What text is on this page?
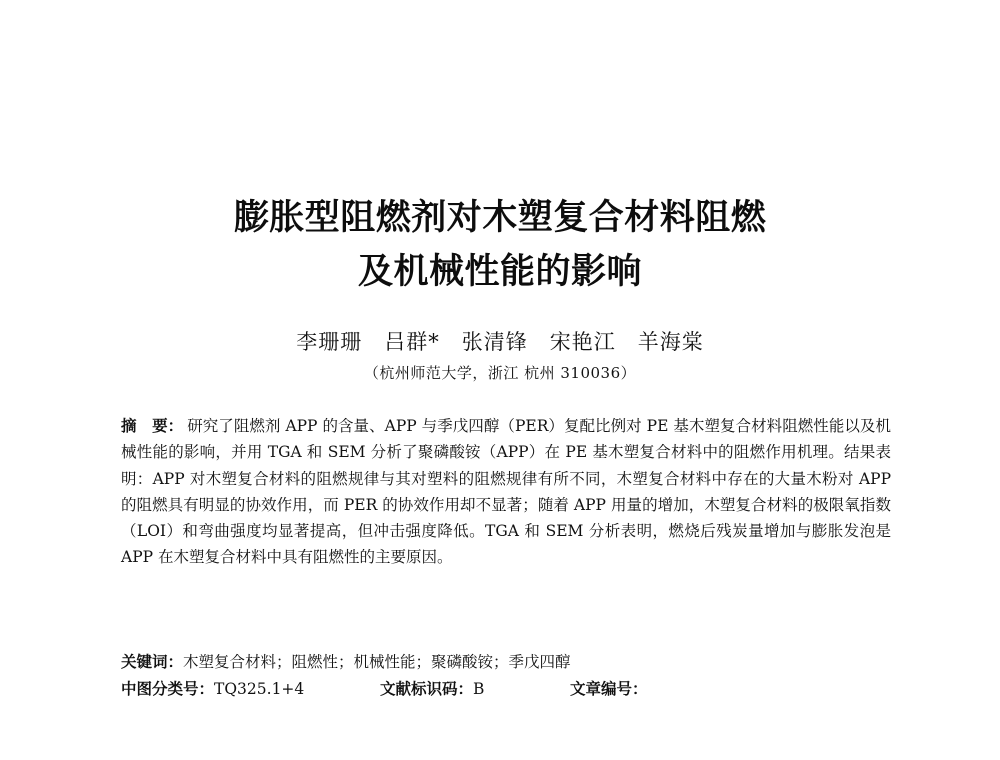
膨胀型阻燃剂对木塑复合材料阻燃
及机械性能的影响
李珊珊　吕群*　张清锋　宋艳江　羊海棠
（杭州师范大学，浙江 杭州 310036）
摘　要： 研究了阻燃剂 APP 的含量、APP 与季戊四醇（PER）复配比例对 PE 基木塑复合材料阻燃性能以及机械性能的影响，并用 TGA 和 SEM 分析了聚磷酸铵（APP）在 PE 基木塑复合材料中的阻燃作用机理。结果表明：APP 对木塑复合材料的阻燃规律与其对塑料的阻燃规律有所不同，木塑复合材料中存在的大量木粉对 APP 的阻燃具有明显的协效作用，而 PER 的协效作用却不显著；随着 APP 用量的增加，木塑复合材料的极限氧指数（LOI）和弯曲强度均显著提高，但冲击强度降低。TGA 和 SEM 分析表明，燃烧后残炭量增加与膨胀发泡是 APP 在木塑复合材料中具有阻燃性的主要原因。
关键词：木塑复合材料；阻燃性；机械性能；聚磷酸铵；季戊四醇
中图分类号：TQ325.1+4	文献标识码：B	文章编号：
